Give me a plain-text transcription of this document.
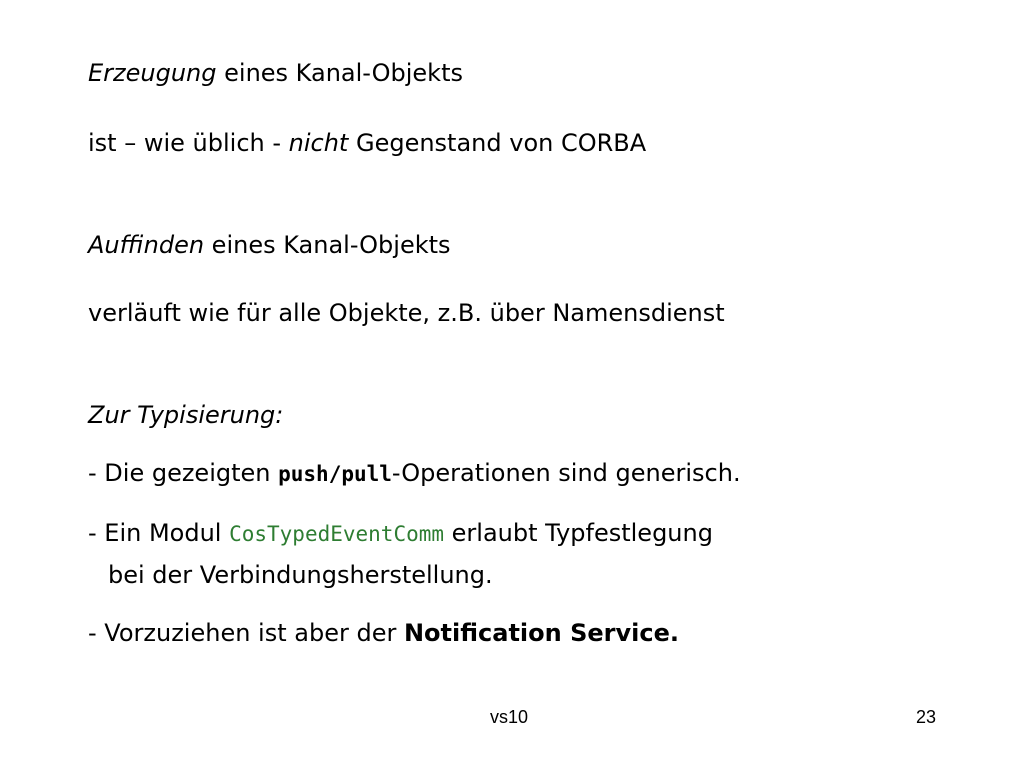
Erzeugung eines Kanal-Objekts
ist – wie üblich - nicht Gegenstand von CORBA
Auffinden eines Kanal-Objekts
verläuft wie für alle Objekte, z.B. über Namensdienst
Zur Typisierung:
- Die gezeigten push/pull-Operationen sind generisch.
- Ein Modul CosTypedEventComm erlaubt Typfestlegung
bei der Verbindungsherstellung.
- Vorzuziehen ist aber der Notification Service.
vs10	23
